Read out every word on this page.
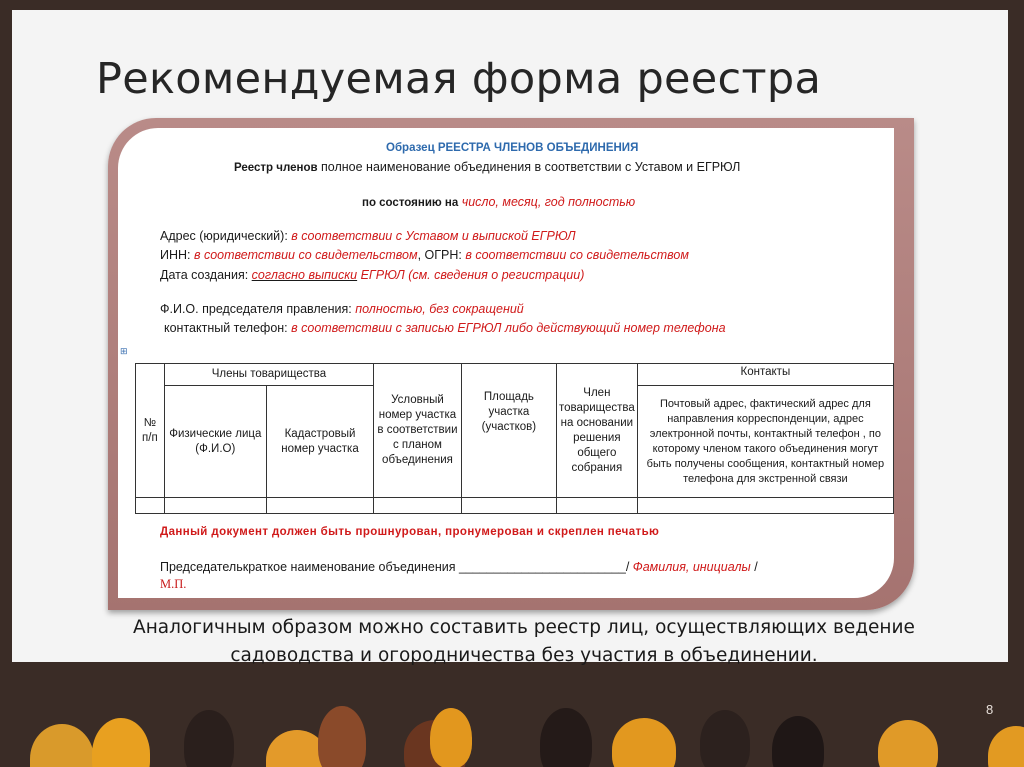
Рекомендуемая форма реестра
Образец РЕЕСТРА ЧЛЕНОВ ОБЪЕДИНЕНИЯ
Реестр членов полное наименование объединения в соответствии с Уставом и ЕГРЮЛ
по состоянию на число, месяц, год полностью
Адрес (юридический): в соответствии с Уставом и выпиской ЕГРЮЛ
ИНН: в соответствии со свидетельством, ОГРН: в соответствии со свидетельством
Дата создания: согласно выписки ЕГРЮЛ (см. сведения о регистрации)
Ф.И.О. председателя правления: полностью, без сокращений
контактный телефон: в соответствии с записью ЕГРЮЛ либо действующий номер телефона
⊞
№ п/п	Члены товарищества		Условный номер участка в соответствии с планом объединения	Площадь участка (участков)	Член товарищества на основании решения общего собрания	Контакты
	Физические лица (Ф.И.О)	Кадастровый номер участка				Почтовый адрес, фактический адрес для направления корреспонденции, адрес электронной почты, контактный телефон , по которому членом такого объединения могут быть получены сообщения, контактный номер телефона для экстренной связи

Данный документ должен быть прошнурован, пронумерован и скреплен печатью
Председателькраткое наименование объединения ________________________/ Фамилия, инициалы /
М.П.
Аналогичным образом можно составить реестр лиц, осуществляющих ведение
садоводства и огородничества без участия в объединении.
8
